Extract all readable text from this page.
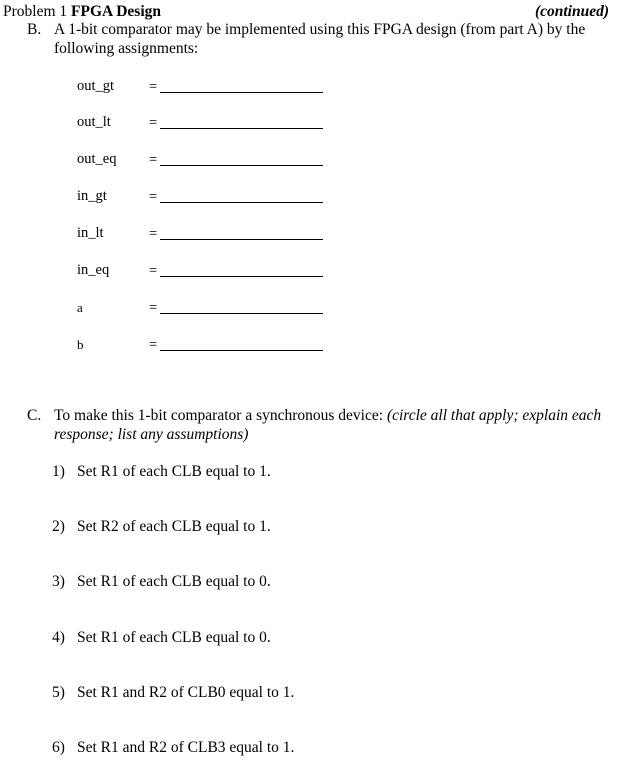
Problem 1 FPGA Design	(continued)
B. A 1-bit comparator may be implemented using this FPGA design (from part A) by the
following assignments:
out_gt =
out_lt	=
out_eq =
in_gt	=
in_lt	=
in_eq	=
a	=
b	=
C. To make this 1-bit comparator a synchronous device: (circle all that apply; explain each
response; list any assumptions)
1) Set R1 of each CLB equal to 1.
2) Set R2 of each CLB equal to 1.
3) Set R1 of each CLB equal to 0.
4) Set R1 of each CLB equal to 0.
5) Set R1 and R2 of CLB0 equal to 1.
6) Set R1 and R2 of CLB3 equal to 1.
